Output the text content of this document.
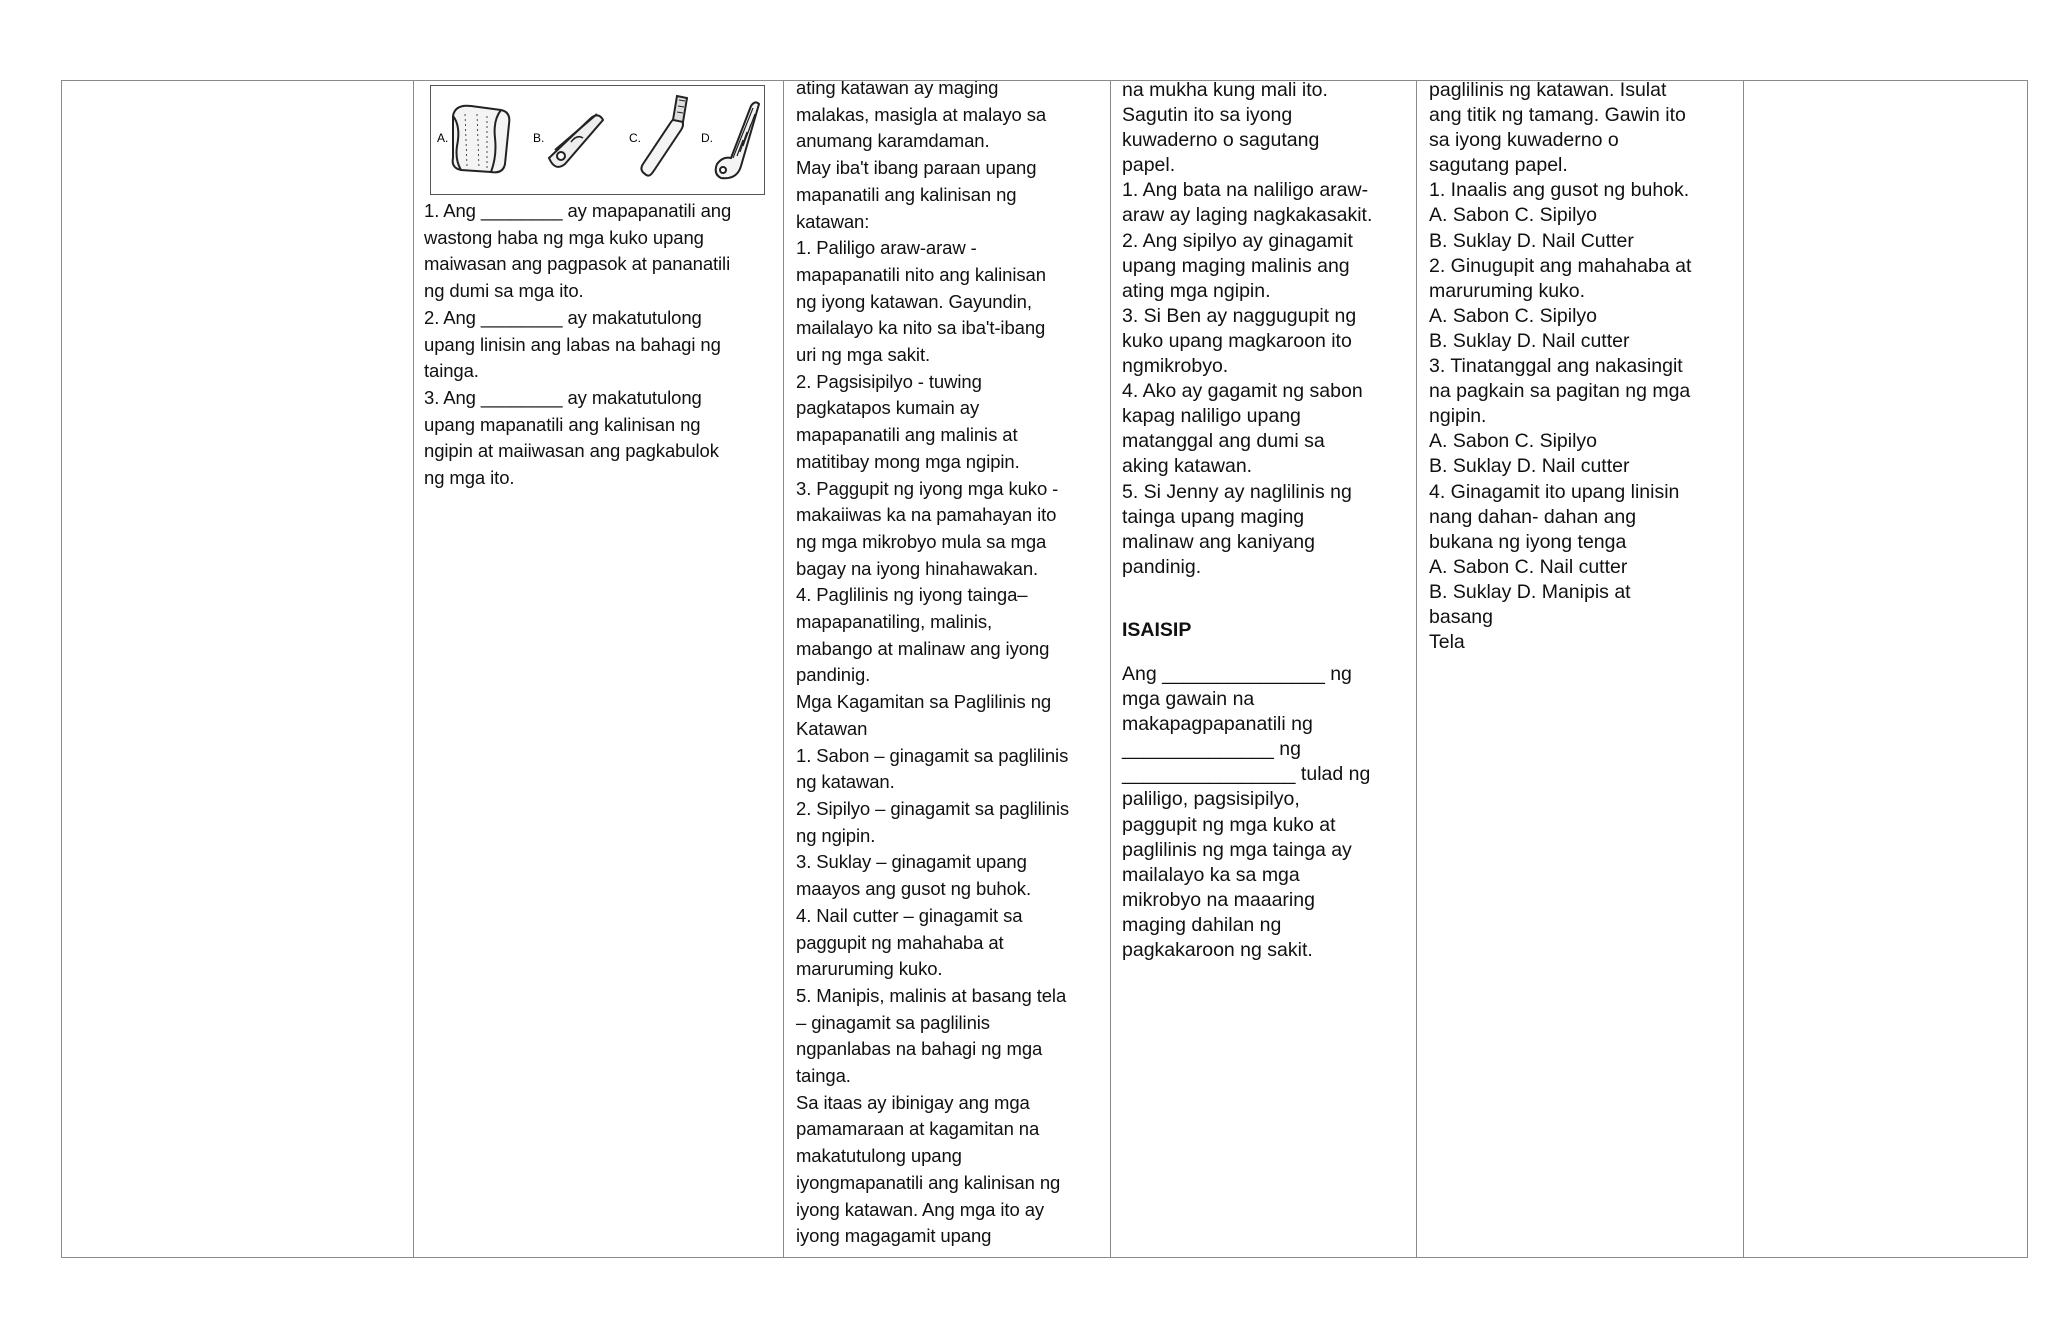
A.	B.	C.	D.
1. Ang ________ ay mapapanatili ang
wastong haba ng mga kuko upang
maiwasan ang pagpasok at pananatili
ng dumi sa mga ito.
2. Ang ________ ay makatutulong
upang linisin ang labas na bahagi ng
tainga.
3. Ang ________ ay makatutulong
upang mapanatili ang kalinisan ng
ngipin at maiiwasan ang pagkabulok
ng mga ito.
ating katawan ay maging
malakas, masigla at malayo sa
anumang karamdaman.
May iba't ibang paraan upang
mapanatili ang kalinisan ng
katawan:
1. Paliligo araw-araw -
mapapanatili nito ang kalinisan
ng iyong katawan. Gayundin,
mailalayo ka nito sa iba't-ibang
uri ng mga sakit.
2. Pagsisipilyo - tuwing
pagkatapos kumain ay
mapapanatili ang malinis at
matitibay mong mga ngipin.
3. Paggupit ng iyong mga kuko -
makaiiwas ka na pamahayan ito
ng mga mikrobyo mula sa mga
bagay na iyong hinahawakan.
4. Paglilinis ng iyong tainga–
mapapanatiling, malinis,
mabango at malinaw ang iyong
pandinig.
Mga Kagamitan sa Paglilinis ng
Katawan
1. Sabon – ginagamit sa paglilinis
ng katawan.
2. Sipilyo – ginagamit sa paglilinis
ng ngipin.
3. Suklay – ginagamit upang
maayos ang gusot ng buhok.
4. Nail cutter – ginagamit sa
paggupit ng mahahaba at
maruruming kuko.
5. Manipis, malinis at basang tela
– ginagamit sa paglilinis
ngpanlabas na bahagi ng mga
tainga.
Sa itaas ay ibinigay ang mga
pamamaraan at kagamitan na
makatutulong upang
iyongmapanatili ang kalinisan ng
iyong katawan. Ang mga ito ay
iyong magagamit upang
na mukha kung mali ito.
Sagutin ito sa iyong
kuwaderno o sagutang
papel.
1. Ang bata na naliligo araw-
araw ay laging nagkakasakit.
2. Ang sipilyo ay ginagamit
upang maging malinis ang
ating mga ngipin.
3. Si Ben ay naggugupit ng
kuko upang magkaroon ito
ngmikrobyo.
4. Ako ay gagamit ng sabon
kapag naliligo upang
matanggal ang dumi sa
aking katawan.
5. Si Jenny ay naglilinis ng
tainga upang maging
malinaw ang kaniyang
pandinig.
ISAISIP
Ang _______________ ng
mga gawain na
makapagpapanatili ng
______________ ng
________________ tulad ng
paliligo, pagsisipilyo,
paggupit ng mga kuko at
paglilinis ng mga tainga ay
mailalayo ka sa mga
mikrobyo na maaaring
maging dahilan ng
pagkakaroon ng sakit.
paglilinis ng katawan. Isulat
ang titik ng tamang. Gawin ito
sa iyong kuwaderno o
sagutang papel.
1. Inaalis ang gusot ng buhok.
A. Sabon C. Sipilyo
B. Suklay D. Nail Cutter
2. Ginugupit ang mahahaba at
maruruming kuko.
A. Sabon C. Sipilyo
B. Suklay D. Nail cutter
3. Tinatanggal ang nakasingit
na pagkain sa pagitan ng mga
ngipin.
A. Sabon C. Sipilyo
B. Suklay D. Nail cutter
4. Ginagamit ito upang linisin
nang dahan- dahan ang
bukana ng iyong tenga
A. Sabon C. Nail cutter
B. Suklay D. Manipis at
basang
Tela
